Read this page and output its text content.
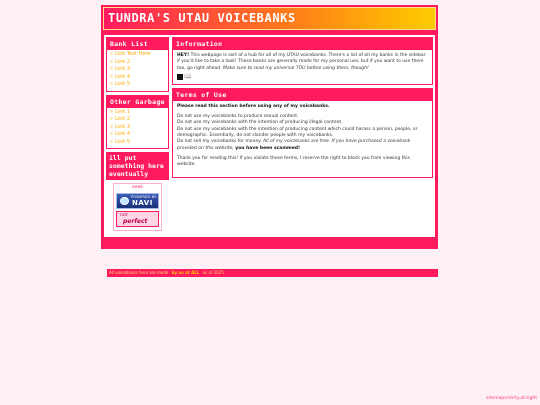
TUNDRA'S UTAU VOICEBANKS
Bank List
» Link Text Here
» Link 2
» Link 3
» Link 4
» Link 5
Other Garbage
» Link 1
» Link 2
» Link 3
» Link 4
» Link 5
ill put something here eventually
eeek
POWERED BY
NAVI
not
perfect
Information
HEY! This webpage is sort of a hub for all of my UTAU voicebanks. There's a list of all my banks in the sidebar if you'd like to take a look! These banks are generally made for my personal use, but if you want to use them too, go right ahead. Make sure to read my universal TOU before using them, though!
📖
Terms of Use

Please read this section before using any of my voicebanks.

Do not use my voicebanks to produce sexual content.
Do not use my voicebanks with the intention of producing illegal content.
Do not use my voicebanks with the intention of producing content which could harass a person, people, or demographic. Essentially, do not slander people with my voicebanks.
Do not sell my voicebanks for money. All of my voicebanks are free. If you have purchased a voicebank provided on this website, you have been scammed!

Thank you for reading this! If you violate these terms, I reserve the right to block you from viewing this website.

All voicebanks here are made by us at ALL as of 2025
sitemaps/shrty.all.light
